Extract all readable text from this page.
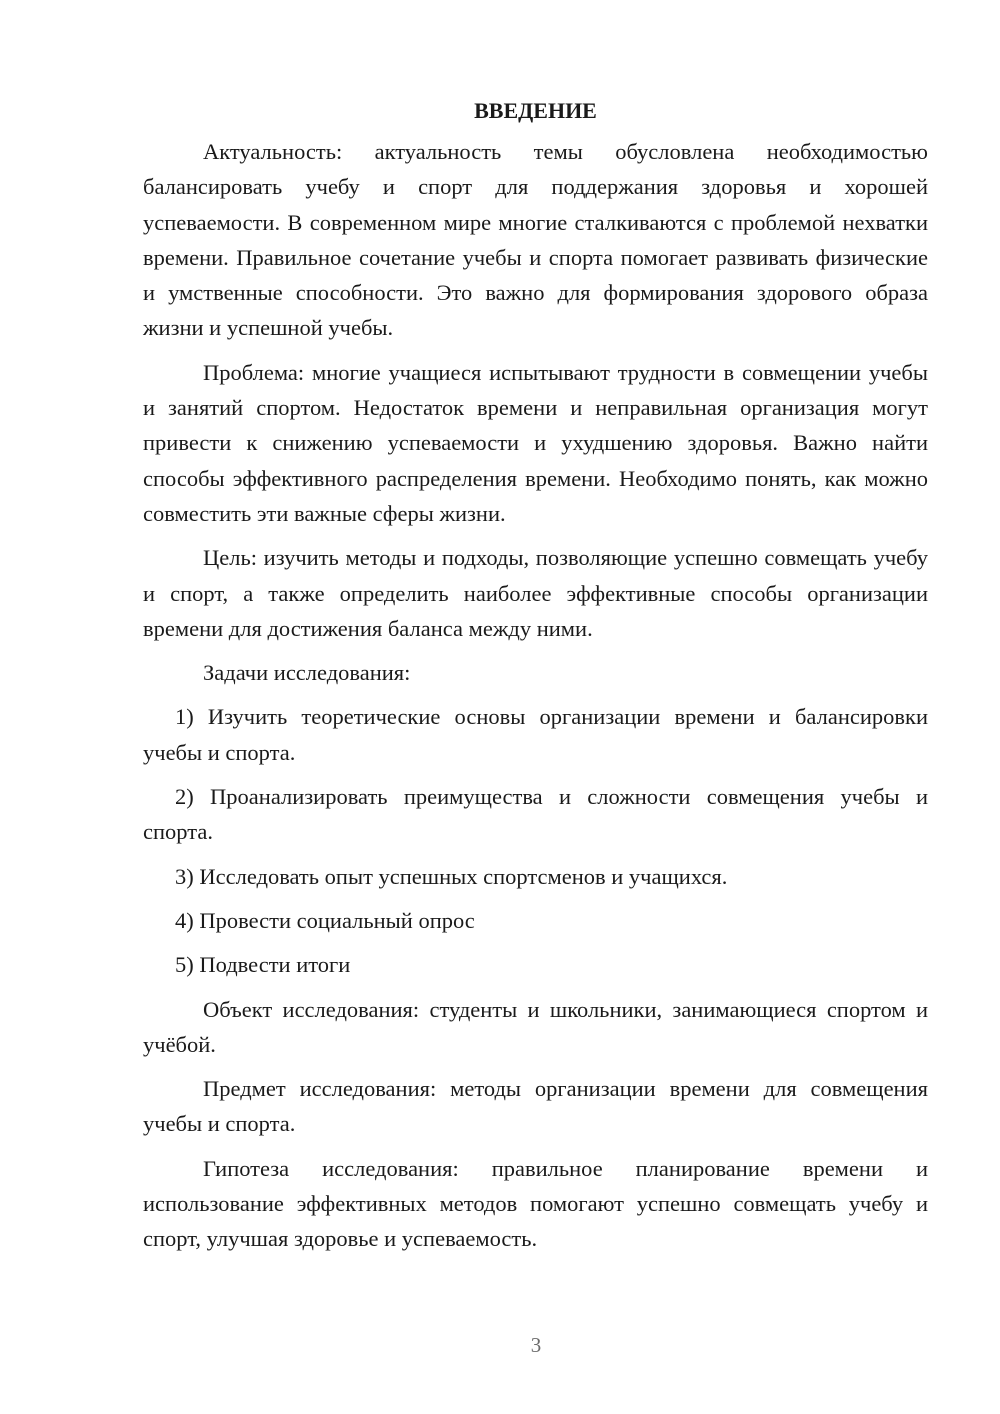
ВВЕДЕНИЕ

Актуальность: актуальность темы обусловлена необходимостью балансировать учебу и спорт для поддержания здоровья и хорошей успеваемости. В современном мире многие сталкиваются с проблемой нехватки времени. Правильное сочетание учебы и спорта помогает развивать физические и умственные способности. Это важно для формирования здорового образа жизни и успешной учебы.

Проблема: многие учащиеся испытывают трудности в совмещении учебы и занятий спортом. Недостаток времени и неправильная организация могут привести к снижению успеваемости и ухудшению здоровья. Важно найти способы эффективного распределения времени. Необходимо понять, как можно совместить эти важные сферы жизни.

Цель: изучить методы и подходы, позволяющие успешно совмещать учебу и спорт, а также определить наиболее эффективные способы организации времени для достижения баланса между ними.

Задачи исследования:

1) Изучить теоретические основы организации времени и балансировки учебы и спорта.

2) Проанализировать преимущества и сложности совмещения учебы и спорта.

3) Исследовать опыт успешных спортсменов и учащихся.

4) Провести социальный опрос

5) Подвести итоги

Объект исследования: студенты и школьники, занимающиеся спортом и учёбой.

Предмет исследования: методы организации времени для совмещения учебы и спорта.

Гипотеза исследования: правильное планирование времени и использование эффективных методов помогают успешно совмещать учебу и спорт, улучшая здоровье и успеваемость.

3
